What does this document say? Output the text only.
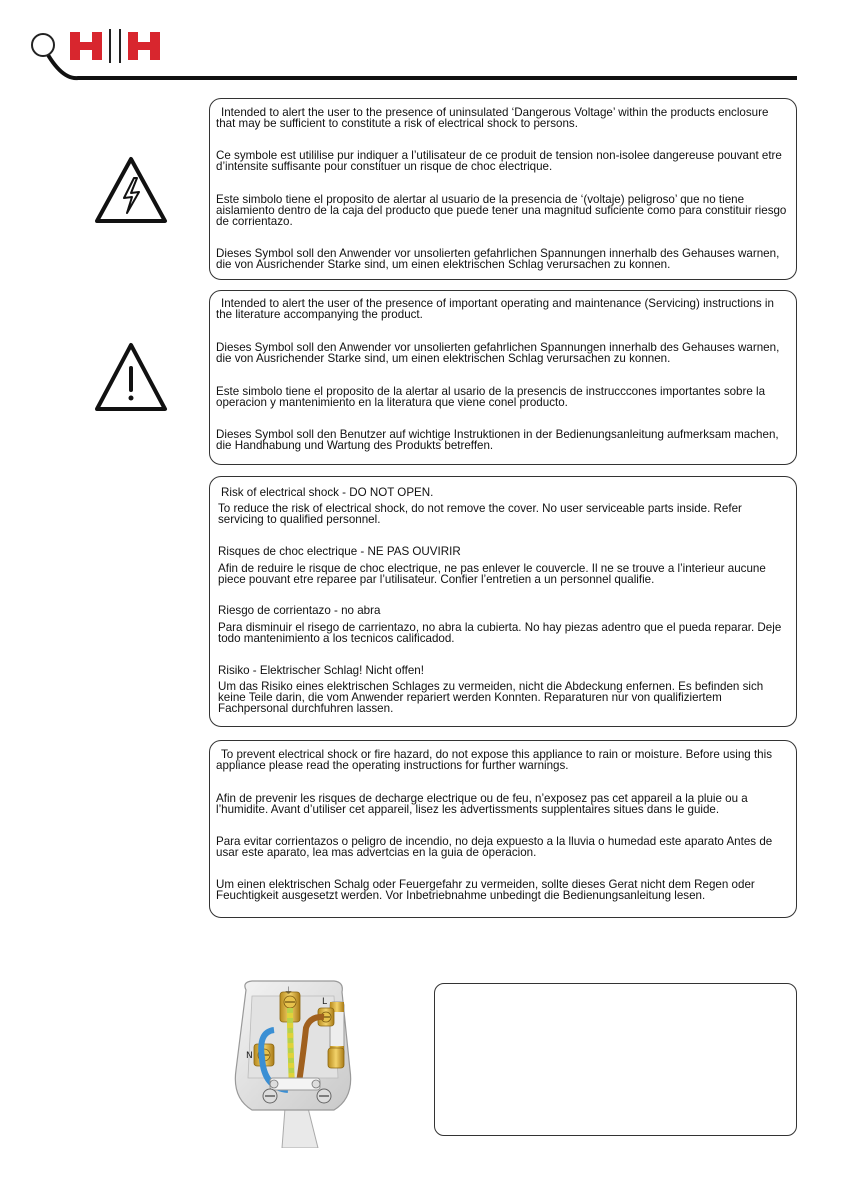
Intended to alert the user to the presence of uninsulated ‘Dangerous Voltage’ within the products enclosure that may be sufficient to constitute a risk of electrical shock to persons.

Ce symbole est utililise pur indiquer a l’utilisateur de ce produit de tension non-isolee dangereuse pouvant etre d’intensite suffisante pour constituer un risque de choc electrique.

Este simbolo tiene el proposito de alertar al usuario de la presencia de ‘(voltaje) peligroso’ que no tiene aislamiento dentro de la caja del producto que puede tener una magnitud suficiente como para constituir riesgo de corrientazo.

Dieses Symbol soll den Anwender vor unsolierten gefahrlichen Spannungen innerhalb des Gehauses warnen, die von Ausrichender Starke sind, um einen elektrischen Schlag verursachen zu konnen.

Intended to alert the user of the presence of important operating and maintenance (Servicing) instructions in the literature accompanying the product.

Dieses Symbol soll den Anwender vor unsolierten gefahrlichen Spannungen innerhalb des Gehauses warnen, die von Ausrichender Starke sind, um einen elektrischen Schlag verursachen zu konnen.

Este simbolo tiene el proposito de la alertar al usario de la presencis de instrucccones importantes sobre la operacion y mantenimiento en la literatura que viene conel producto.

Dieses Symbol soll den Benutzer auf wichtige Instruktionen in der Bedienungsanleitung aufmerksam machen, die Handhabung und Wartung des Produkts betreffen.

Risk of electrical shock - DO NOT OPEN.

To reduce the risk of electrical shock, do not remove the cover. No user serviceable parts inside. Refer servicing to qualified personnel.

Risques de choc electrique - NE PAS OUVIRIR

Afin de reduire le risque de choc electrique, ne pas enlever le couvercle. Il ne se trouve a l’interieur aucune piece pouvant etre reparee par l’utilisateur. Confier l’entretien a un personnel qualifie.

Riesgo de corrientazo - no abra

Para disminuir el risego de carrientazo, no abra la cubierta. No hay piezas adentro que el pueda reparar. Deje todo mantenimiento a los tecnicos calificadod.

Risiko - Elektrischer Schlag! Nicht offen!

Um das Risiko eines elektrischen Schlages zu vermeiden, nicht die Abdeckung enfernen. Es befinden sich keine Teile darin, die vom Anwender repariert werden Konnten. Reparaturen nur von qualifiziertem Fachpersonal durchfuhren lassen.

To prevent electrical shock or fire hazard, do not expose this appliance to rain or moisture. Before using this appliance please read the operating instructions for further warnings.

Afin de prevenir les risques de decharge electrique ou de feu, n’exposez pas cet appareil a la pluie ou a l’humidite. Avant d’utiliser cet appareil, lisez les advertissments supplentaires situes dans le guide.

Para evitar corrientazos o peligro de incendio, no deja expuesto a la lluvia o humedad este aparato Antes de usar este aparato, lea mas advertcias en la guia de operacion.

Um einen elektrischen Schalg oder Feuergefahr zu vermeiden, sollte dieses Gerat nicht dem Regen oder Feuchtigkeit ausgesetzt werden. Vor Inbetriebnahme unbedingt die Bedienungsanleitung lesen.

⏚
L
N
